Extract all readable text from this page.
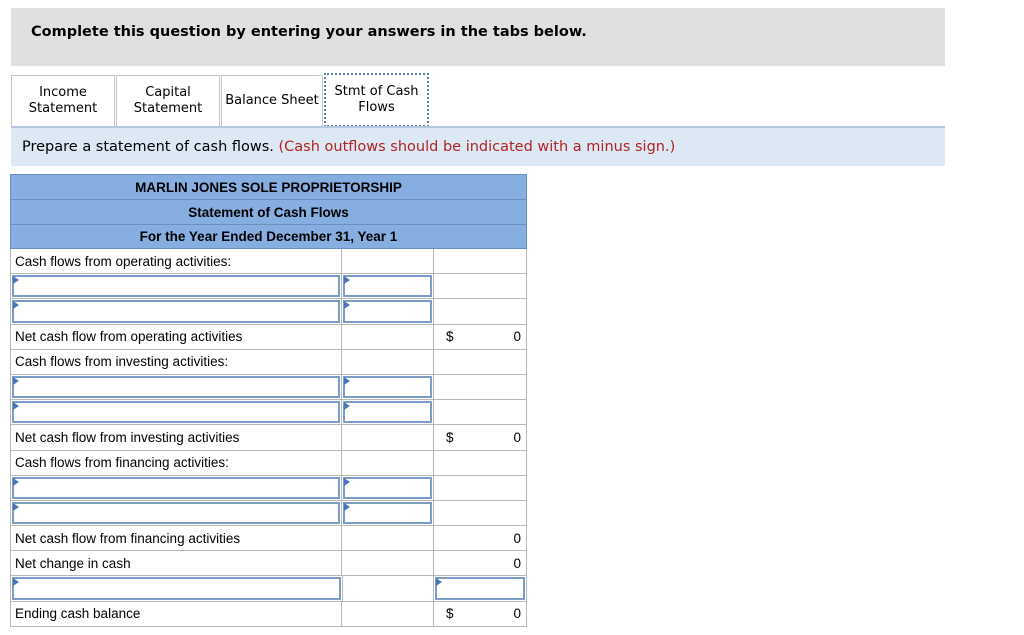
Complete this question by entering your answers in the tabs below.
Income
Statement
Capital
Statement
Balance Sheet
Stmt of Cash
Flows
Prepare a statement of cash flows. (Cash outflows should be indicated with a minus sign.)
MARLIN JONES SOLE PROPRIETORSHIP
Statement of Cash Flows
For the Year Ended December 31, Year 1
Cash flows from operating activities:
Net cash flow from operating activities	$	0
Cash flows from investing activities:
Net cash flow from investing activities	$	0
Cash flows from financing activities:
Net cash flow from financing activities	0
Net change in cash	0
Ending cash balance	$	0
